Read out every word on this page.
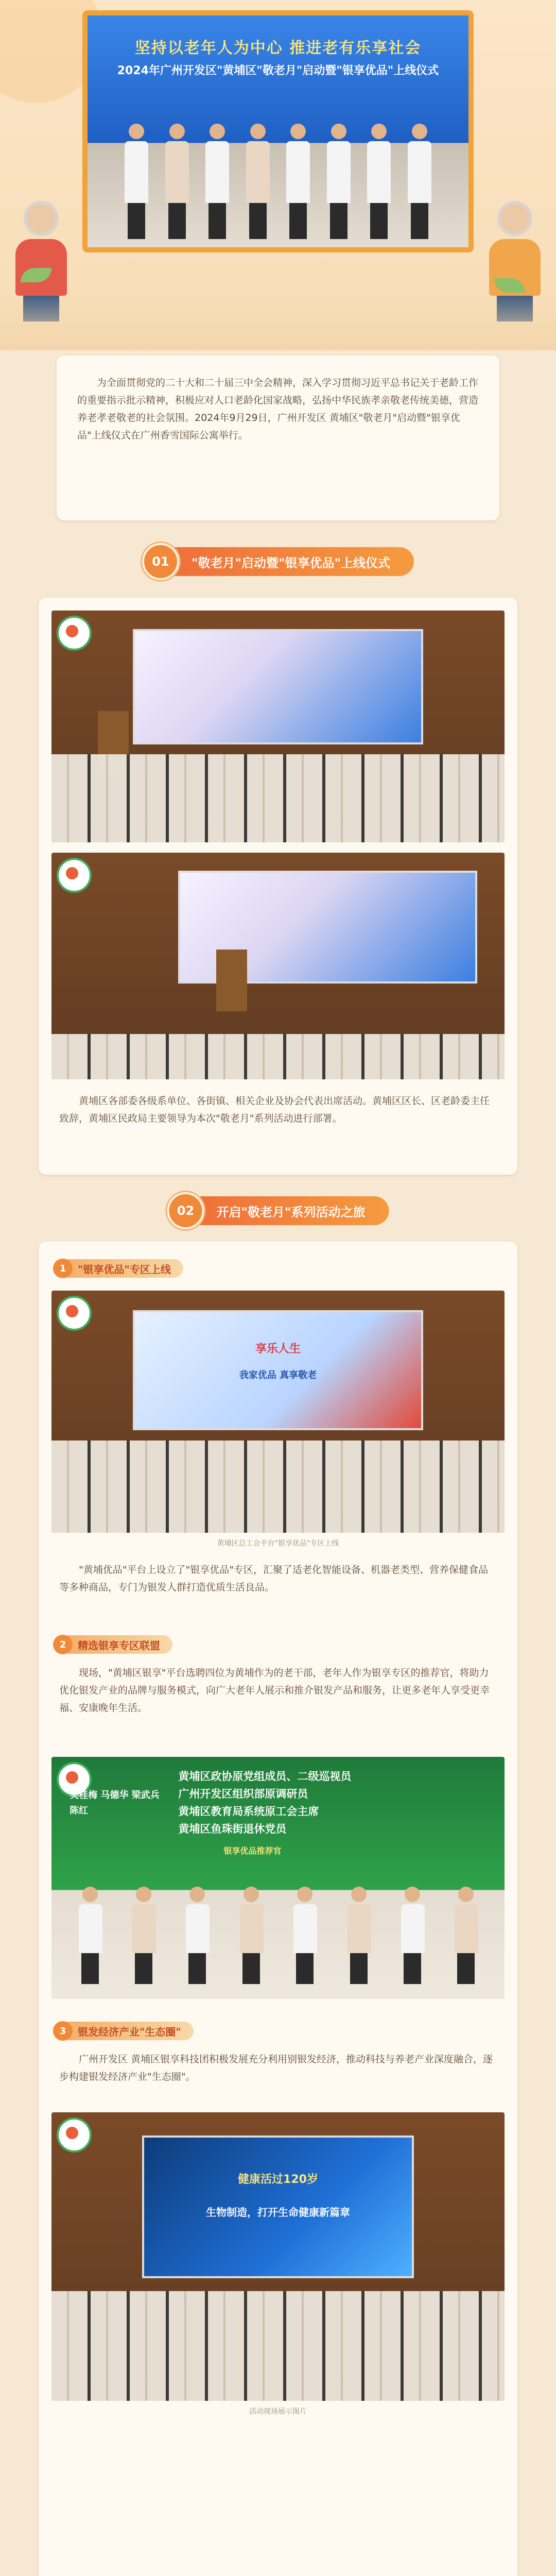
坚持以老年人为中心 推进老有乐享社会
2024年广州开发区"黄埔区"敬老月"启动暨"银享优品"上线仪式

为全面贯彻党的二十大和二十届三中全会精神，深入学习贯彻习近平总书记关于老龄工作的重要指示批示精神，积极应对人口老龄化国家战略，弘扬中华民族孝亲敬老传统美德，营造养老孝老敬老的社会氛围。2024年9月29日，广州开发区 黄埔区"敬老月"启动暨"银享优品"上线仪式在广州香雪国际公寓举行。

01	"敬老月"启动暨"银享优品"上线仪式

黄埔区各部委各级系单位、各街镇、相关企业及协会代表出席活动。黄埔区区长、区老龄委主任致辞，黄埔区民政局主要领导为本次"敬老月"系列活动进行部署。

02	开启"敬老月"系列活动之旅
1	"银享优品"专区上线
享乐人生
我家优品 真享敬老
黄埔区总工会平台"银享优品"专区上线

"黄埔优品"平台上设立了"银享优品"专区，汇聚了适老化智能设备、机器老类型、营养保健食品等多种商品，专门为银发人群打造优质生活良品。

2	精选银享专区联盟

现场，"黄埔区银享"平台选聘四位为黄埔作为的老干部，老年人作为银享专区的推荐官，将助力优化银发产业的品牌与服务模式，向广大老年人展示和推介银发产品和服务，让更多老年人享受更幸福、安康晚年生活。

黄埔区政协原党组成员、二级巡视员
广州开发区组织部原调研员
黄埔区教育局系统原工会主席
黄埔区鱼珠街退休党员
吴桂梅 马德华 梁武兵 陈红
银享优品推荐官
3	银发经济产业"生态圈"

广州开发区 黄埔区银享科技团积极发展充分利用别银发经济，推动科技与养老产业深度融合，逐步构建银发经济产业"生态圈"。

健康活过120岁
生物制造，打开生命健康新篇章
活动现场展示图片
